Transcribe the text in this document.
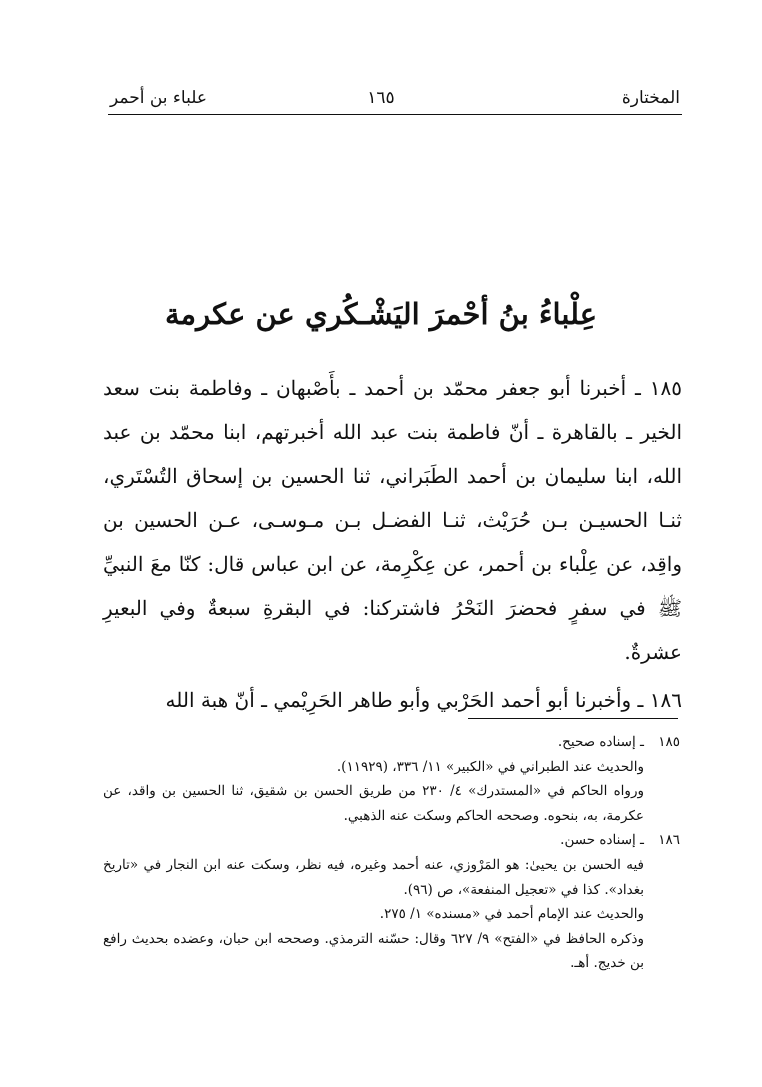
المختارة
١٦٥
علباء بن أحمر
عِلْباءُ بنُ أحْمرَ اليَشْـكُري عن عكرمة

١٨٥ ـ أخبرنا أبو جعفر محمّد بن أحمد ـ بأَصْبهان ـ وفاطمة بنت سعد الخير ـ بالقاهرة ـ أنّ فاطمة بنت عبد الله أخبرتهم، ابنا محمّد بن عبد الله، ابنا سليمان بن أحمد الطَبَراني، ثنا الحسين بن إسحاق التُسْتَري، ثنـا الحسيـن بـن حُرَيْث، ثنـا الفضـل بـن مـوسـى، عـن الحسين بن واقِد، عن عِلْباء بن أحمر، عن عِكْرِمة، عن ابن عباس قال: كنّا معَ النبيِّ ﷺ في سفرٍ فحضرَ النَحْرُ فاشتركنا: في البقرةِ سبعةٌ وفي البعيرِ عشرةٌ.

١٨٦ ـ وأخبرنا أبو أحمد الحَرْبي وأبو طاهر الحَرِيْمي ـ أنّ هبة الله

١٨٥

ـ إسناده صحيح.

والحديث عند الطبراني في «الكبير» ١١/ ٣٣٦، (١١٩٢٩).

ورواه الحاكم في «المستدرك» ٤/ ٢٣٠ من طريق الحسن بن شقيق، ثنا الحسين بن واقد، عن عكرمة، به، بنحوه. وصححه الحاكم وسكت عنه الذهبي.

١٨٦

ـ إسناده حسن.

فيه الحسن بن يحيىٰ: هو المَرْوزي، عنه أحمد وغيره، فيه نظر، وسكت عنه ابن النجار في «تاريخ بغداد». كذا في «تعجيل المنفعة»، ص (٩٦).

والحديث عند الإمام أحمد في «مسنده» ١/ ٢٧٥.

وذكره الحافظ في «الفتح» ٩/ ٦٢٧ وقال: حسّنه الترمذي. وصححه ابن حبان، وعضده بحديث رافع بن خديج. أهـ.
